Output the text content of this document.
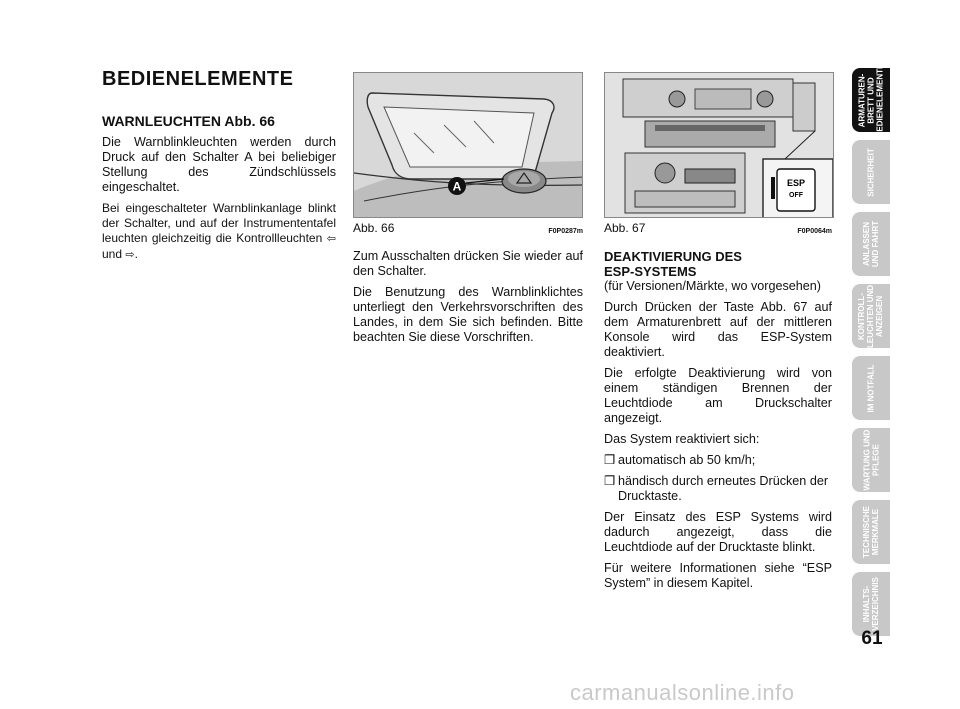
BEDIENELEMENTE
WARNLEUCHTEN Abb. 66

Die Warnblinkleuchten werden durch Druck auf den Schalter A bei beliebiger Stellung des Zündschlüssels eingeschaltet.

Bei eingeschalteter Warnblinkanlage blinkt der Schalter, und auf der Instrumententafel leuchten gleichzeitig die Kontrollleuchten ⇦ und ⇨.

A
Abb. 66	F0P0287m

Zum Ausschalten drücken Sie wieder auf den Schalter.

Die Benutzung des Warnblinklichtes unterliegt den Verkehrsvorschriften des Landes, in dem Sie sich befinden. Bitte beachten Sie diese Vorschriften.

ESP
OFF
Abb. 67	F0P0064m

DEAKTIVIERUNG DES

ESP-SYSTEMS

(für Versionen/Märkte, wo vorgesehen)

Durch Drücken der Taste Abb. 67 auf dem Armaturenbrett auf der mittleren Konsole wird das ESP-System deaktiviert.

Die erfolgte Deaktivierung wird von einem ständigen Brennen der Leuchtdiode am Druckschalter angezeigt.

Das System reaktiviert sich:

❒ automatisch ab 50 km/h;
❒ händisch durch erneutes Drücken der Drucktaste.

Der Einsatz des ESP Systems wird dadurch angezeigt, dass die Leuchtdiode auf der Drucktaste blinkt.

Für weitere Informationen siehe “ESP System” in diesem Kapitel.

ARMATUREN-
BRETT UND
BEDIENELEMENTE
SICHERHEIT
ANLASSEN
UND FAHRT
KONTROLL-
LEUCHTEN UND
ANZEIGEN
IM NOTFALL
WARTUNG UND
PFLEGE
TECHNISCHE
MERKMALE
INHALTS-
VERZEICHNIS
61
carmanualsonline.info
